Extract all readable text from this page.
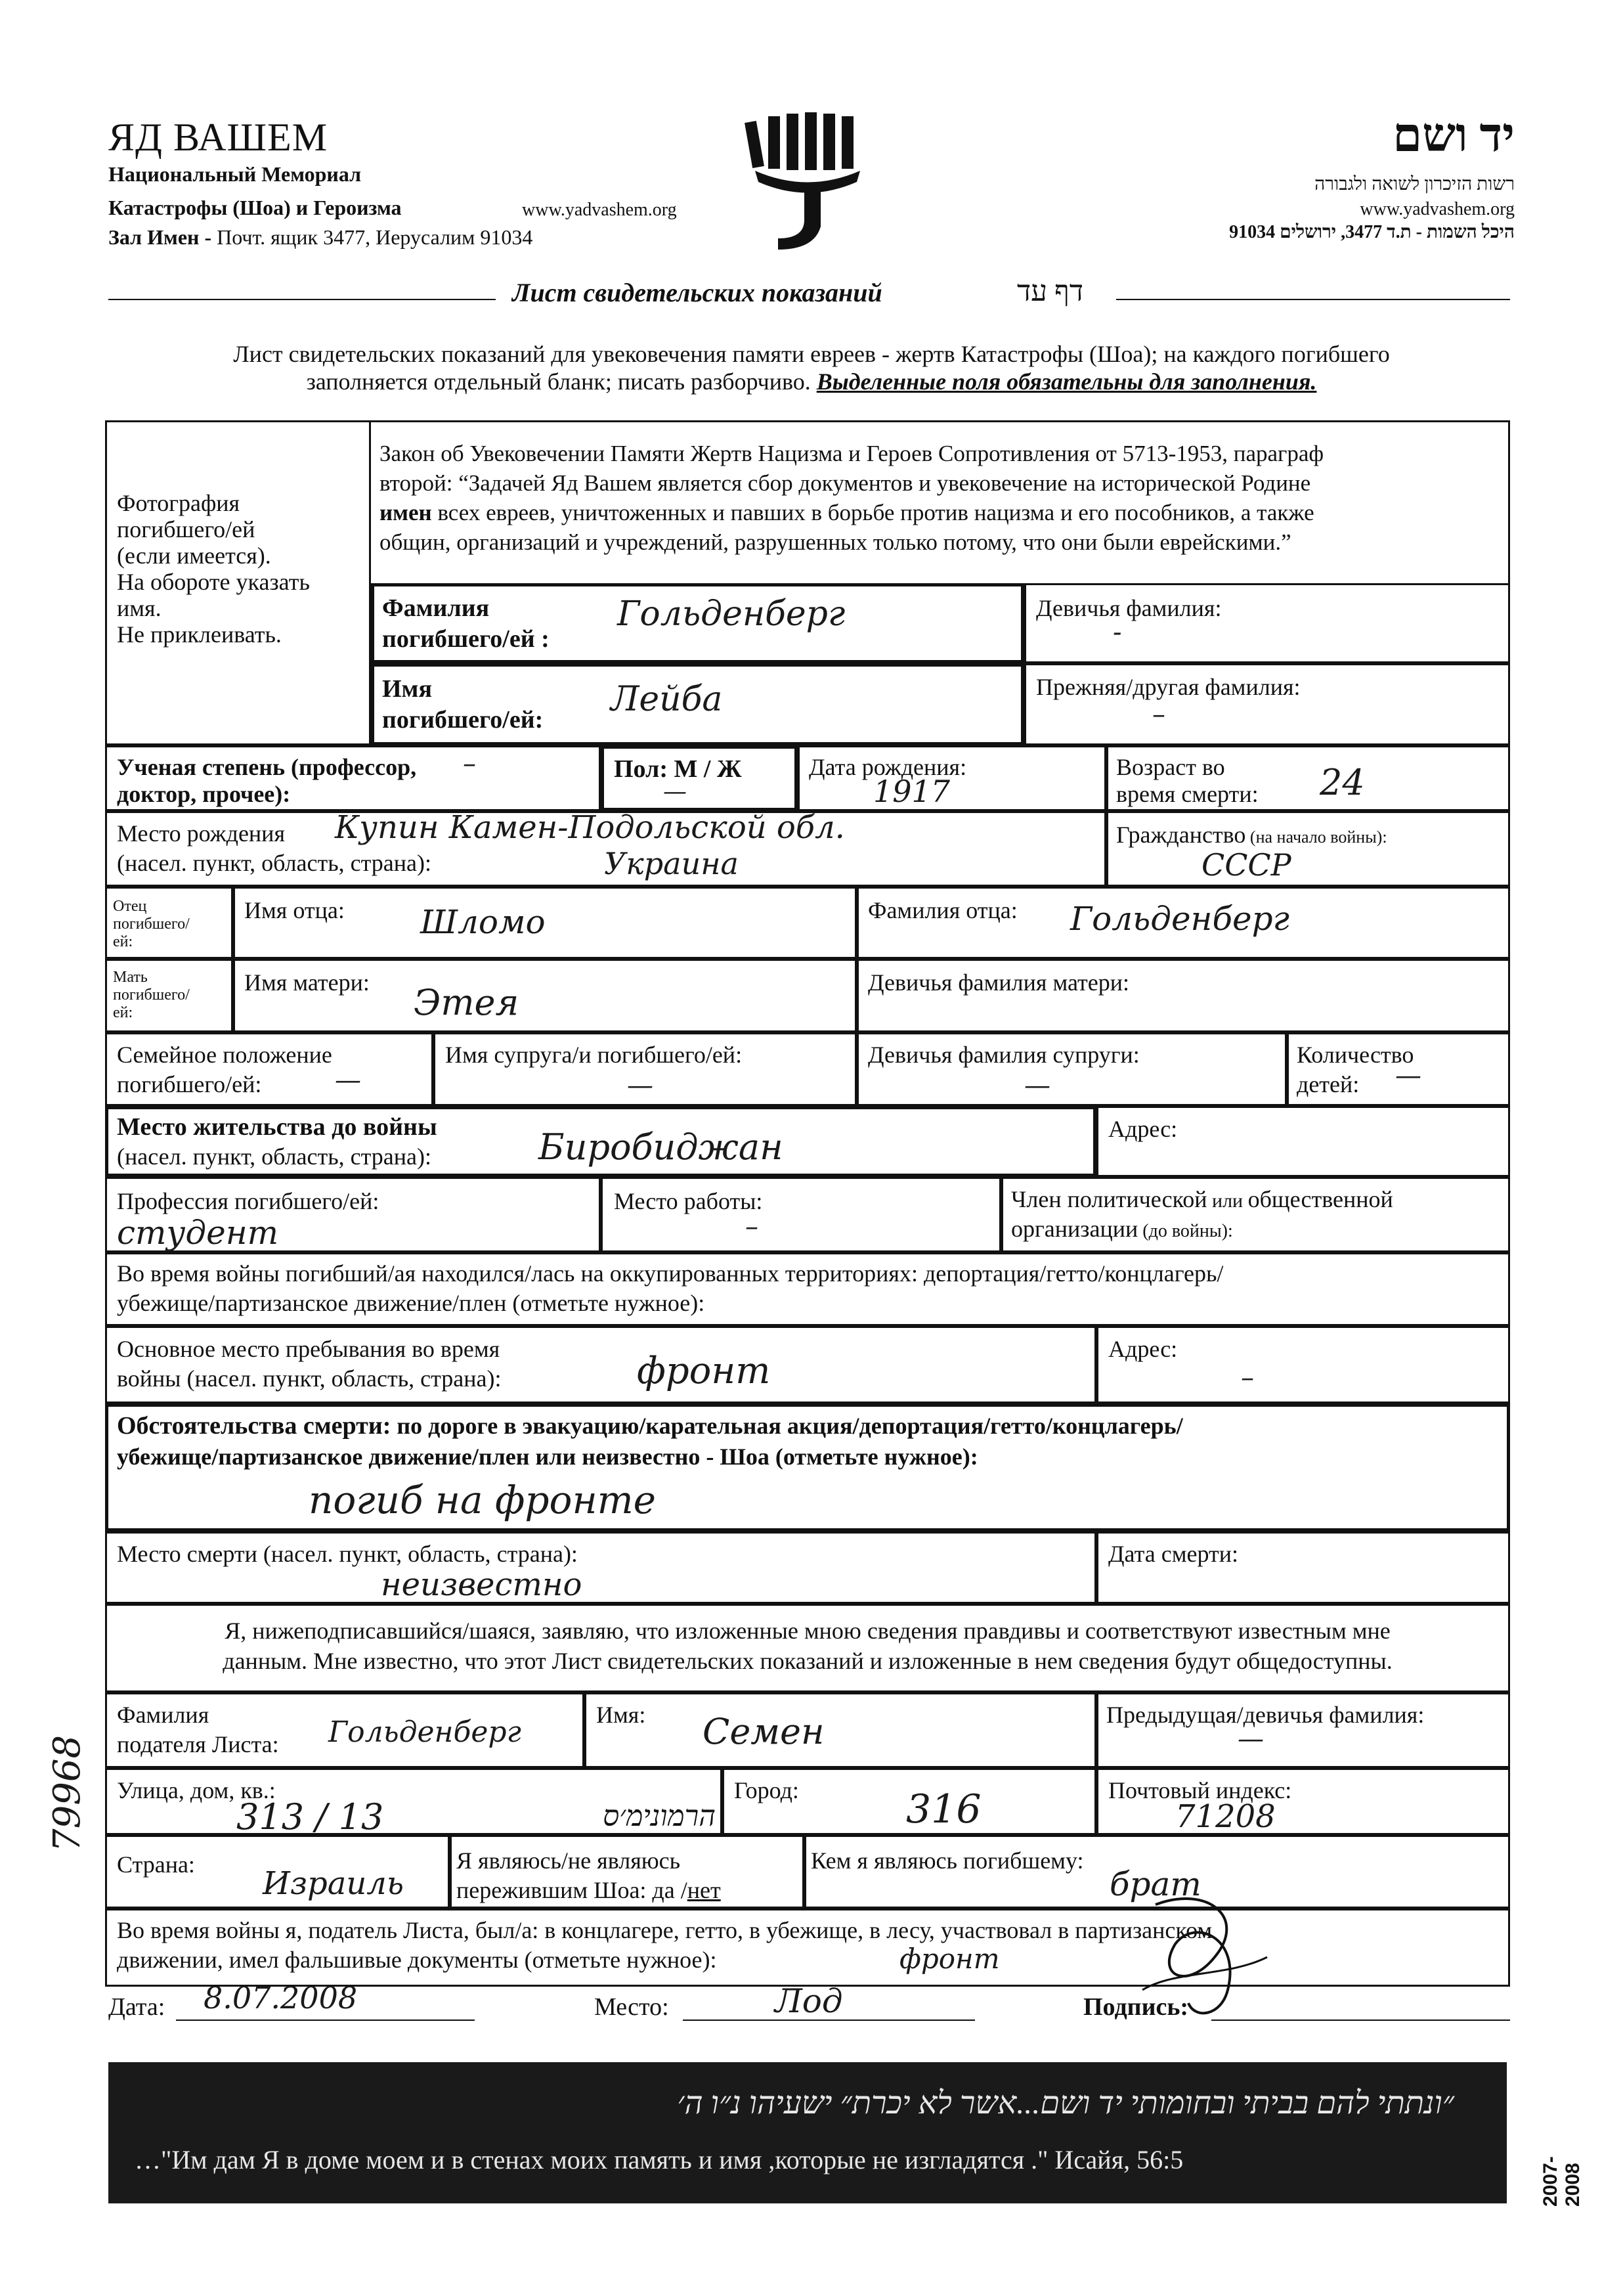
ЯД ВАШЕМ
Национальный Мемориал
Катастрофы (Шоа) и Героизма	www.yadvashem.org
Зал Имен - Почт. ящик 3477, Иерусалим 91034
יד ושם
רשות הזיכרון לשואה ולגבורה
www.yadvashem.org
היכל השמות - ת.ד 3477, ירושלים 91034
Лист свидетельских показаний	דף עד
Лист свидетельских показаний для увековечения памяти евреев - жертв Катастрофы (Шоа); на каждого погибшего
заполняется отдельный бланк; писать разборчиво. Выделенные поля обязательны для заполнения.
Фотография
погибшего/ей
(если имеется).
На обороте указать
имя.
Не приклеивать.
Закон об Увековечении Памяти Жертв Нацизма и Героев Сопротивления от 5713-1953, параграф
второй: “Задачей Яд Вашем является сбор документов и увековечение на исторической Родине
имен всех евреев, уничтоженных и павших в борьбе против нацизма и его пособников, а также
общин, организаций и учреждений, разрушенных только потому, что они были еврейскими.”
Фамилия
погибшего/ей :
Гольденберг	Девичья фамилия:
-
Имя
погибшего/ей:
Лейба	Прежняя/другая фамилия:
–
Ученая степень (профессор,
доктор, прочее):
–	Пол: М / Ж
—
Дата рождения:
1917
Возраст во
время смерти: 24
Место рождения
(насел. пункт, область, страна):
Купин Камен-Подольской обл.
Украина
Гражданство (на начало войны):
СССР
Отец
погибшего/
ей:
Имя отца: Шломо	Фамилия отца: Гольденберг
Мать
погибшего/
ей:
Имя матери: Этея	Девичья фамилия матери:
Семейное положение
погибшего/ей:	—
Имя супруга/и погибшего/ей:
—
Девичья фамилия супруги:
—
Количество
детей: —
Место жительства до войны
(насел. пункт, область, страна):	Биробиджан	Адрес:
Профессия погибшего/ей:
студент
Место работы:
–
Член политической или общественной
организации (до войны):
Во время войны погибший/ая находился/лась на оккупированных территориях: депортация/гетто/концлагерь/
убежище/партизанское движение/плен (отметьте нужное):
Основное место пребывания во время
войны (насел. пункт, область, страна):	фронт
Адрес:
–
Обстоятельства смерти: по дороге в эвакуацию/карательная акция/депортация/гетто/концлагерь/
убежище/партизанское движение/плен или неизвестно - Шоа (отметьте нужное):
погиб на фронте
Место смерти (насел. пункт, область, страна):
неизвестно
Дата смерти:
Я, нижеподписавшийся/шаяся, заявляю, что изложенные мною сведения правдивы и соответствуют известным мне
данным. Мне известно, что этот Лист свидетельских показаний и изложенные в нем сведения будут общедоступны.
Фамилия
подателя Листа: Гольденберг
Имя: Семен	Предыдущая/девичья фамилия:
—
Улица, дом, кв.:
313 / 13	הרמונימ׳ס
Город:	316	Почтовый индекс:
71208
Страна:
Израиль
Я являюсь/не являюсь
пережившим Шоа: да /нет
Кем я являюсь погибшему:
брат
Во время войны я, податель Листа, был/а: в концлагере, гетто, в убежище, в лесу, участвовал в партизанском
движении, имел фальшивые документы (отметьте нужное):	фронт
Дата: 8.07.2008	Место:	Лод	Подпись:
79968
2007-2008
״ונתתי להם בביתי ובחומותי יד ושם...אשר לא יכרת״ ישעיהו נ״ו ה׳
…"Им дам Я в доме моем и в стенах моих память и имя ,которые не изгладятся ." Исайя, 56:5
